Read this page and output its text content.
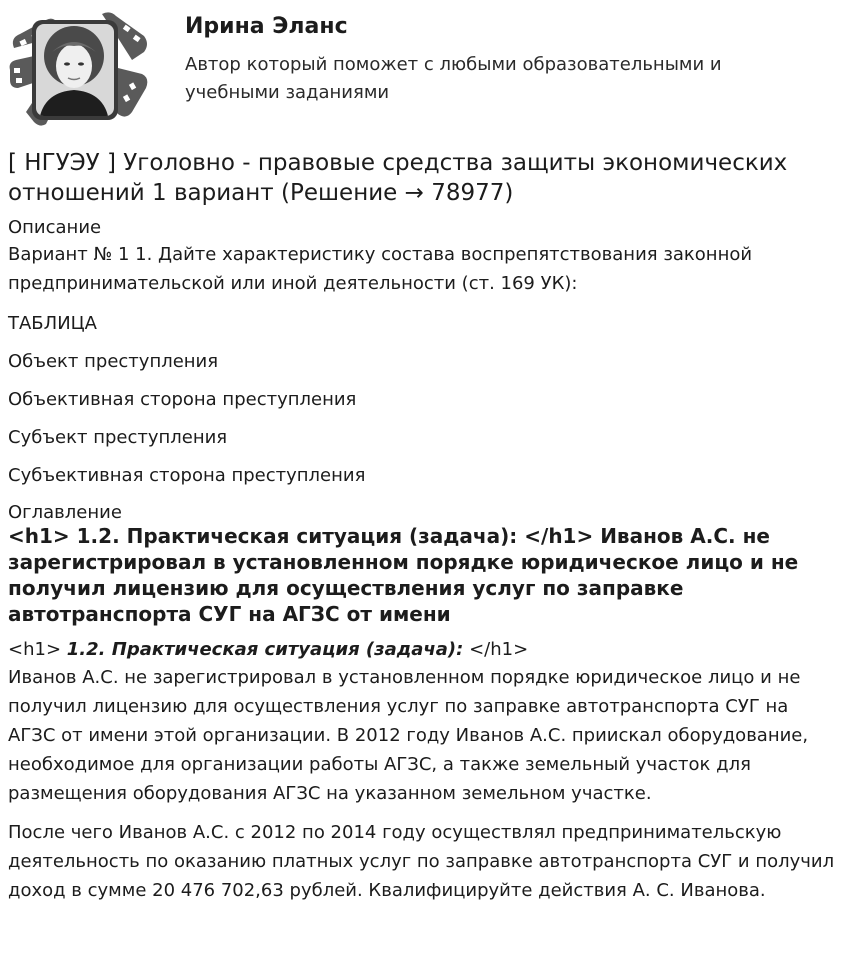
Ирина Эланс
Автор который поможет с любыми образовательными и учебными заданиями
[ НГУЭУ ] Уголовно - правовые средства защиты экономических отношений 1 вариант (Решение → 78977)
Описание

Вариант № 1 1. Дайте характеристику состава воспрепятствования законной предпринимательской или иной деятельности (ст. 169 УК):

ТАБЛИЦА

Объект преступления

Объективная сторона преступления

Субъект преступления

Субъективная сторона преступления

Оглавление

<h1> 1.2. Практическая ситуация (задача): </h1> Иванов А.С. не зарегистрировал в установленном порядке юридическое лицо и не получил лицензию для осуществления услуг по заправке автотранспорта СУГ на АГЗС от имени

<h1> 1.2. Практическая ситуация (задача): </h1>

Иванов А.С. не зарегистрировал в установленном порядке юридическое лицо и не получил лицензию для осуществления услуг по заправке автотранспорта СУГ на АГЗС от имени этой организации. В 2012 году Иванов А.С. приискал оборудование, необходимое для организации работы АГЗС, а также земельный участок для размещения оборудования АГЗС на указанном земельном участке.

После чего Иванов А.С. с 2012 по 2014 году осуществлял предпринимательскую деятельность по оказанию платных услуг по заправке автотранспорта СУГ и получил доход в сумме 20 476 702,63 рублей. Квалифицируйте действия А. С. Иванова.
